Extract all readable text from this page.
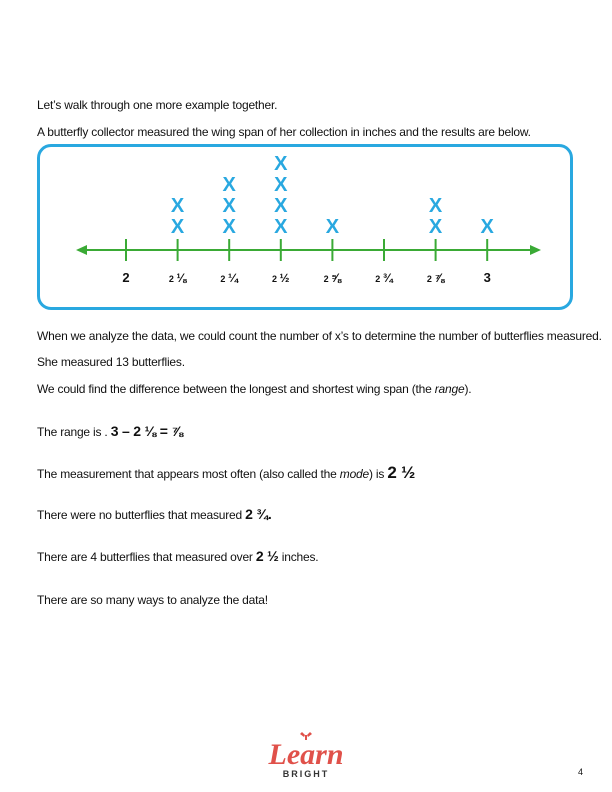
Let’s walk through one more example together.
A butterfly collector measured the wing span of her collection in inches and the results are below.
2	2 ⅛
X
X
2 ¼
X
X
X
2 ½
X
X
X
X
2 ⅝
X
2 ¾	2 ⅞
X
X
3
X
When we analyze the data, we could count the number of x’s to determine the number of butterflies measured.
She measured 13 butterflies.
We could find the difference between the longest and shortest wing span (the range).
The range is . 3 – 2 ⅛ = ⅞
The measurement that appears most often (also called the mode) is 2 ½
There were no butterflies that measured 2 ¾.
There are 4 butterflies that measured over 2 ½ inches.
There are so many ways to analyze the data!
Learn
BRIGHT	4
